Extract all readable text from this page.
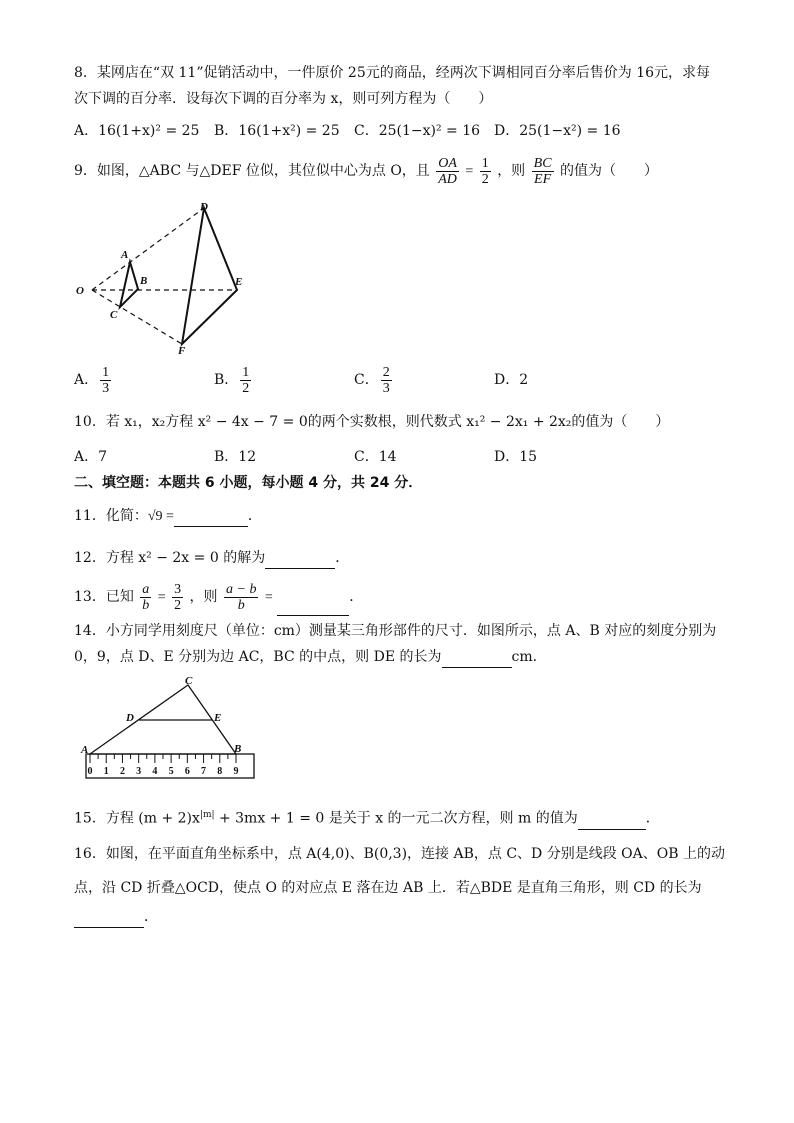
8．某网店在“双 11”促销活动中，一件原价 25元的商品，经两次下调相同百分率后售价为 16元，求每
次下调的百分率．设每次下调的百分率为 x，则可列方程为（　　）
A．16(1+x)² = 25 B．16(1+x²) = 25 C．25(1−x)² = 16 D．25(1−x²) = 16
9．如图，△ABC 与△DEF 位似，其位似中心为点 O，且 $\frac{OA}{AD} = \frac{1}{2}$ ，则 $\frac{BC}{EF}$ 的值为（　　）
D
A
B
O
E
C
F
A． $\frac{1}{3}$	B． $\frac{1}{2}$	C． $\frac{2}{3}$	D．2
10．若 x₁，x₂方程 x² − 4x − 7 = 0的两个实数根，则代数式 x₁² − 2x₁ + 2x₂的值为（　　）
A．7	B．12	C．14	D．15
二、填空题：本题共 6 小题，每小题 4 分，共 24 分．
11．化简：√9 =	．
12．方程 x² − 2x = 0 的解为	．
13．已知 $\frac{a}{b} = \frac{3}{2}$ ，则 $\frac{a - b}{b}$ =	．
14．小方同学用刻度尺（单位：cm）测量某三角形部件的尺寸．如图所示，点 A、B 对应的刻度分别为
0，9，点 D、E 分别为边 AC，BC 的中点，则 DE 的长为	cm．
C
D	E
A	B
0 1 2 3 4 5 6 7 8 9
15．方程 $(m + 2)x^{|m|} + 3mx + 1 = 0$ 是关于 x 的一元二次方程，则 m 的值为	．
16．如图，在平面直角坐标系中，点 A(4,0)、B(0,3)，连接 AB，点 C、D 分别是线段 OA、OB 上的动
点，沿 CD 折叠△OCD，使点 O 的对应点 E 落在边 AB 上．若△BDE 是直角三角形，则 CD 的长为
．
